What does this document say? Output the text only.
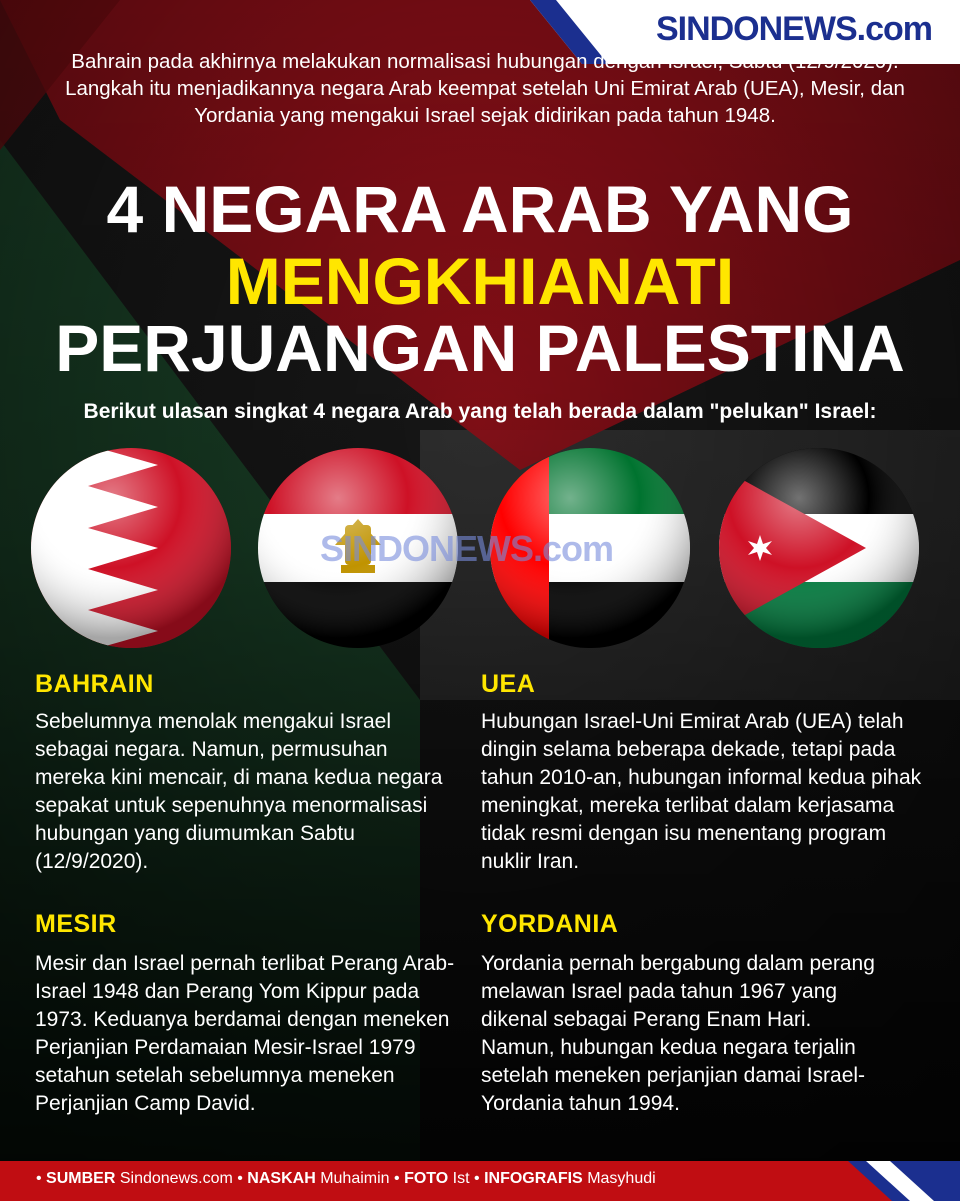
SINDONEWS.com
Bahrain pada akhirnya melakukan normalisasi hubungan dengan Israel, Sabtu (12/9/2020). Langkah itu menjadikannya negara Arab keempat setelah Uni Emirat Arab (UEA), Mesir, dan Yordania yang mengakui Israel sejak didirikan pada tahun 1948.
4 NEGARA ARAB YANG
MENGKHIANATI
PERJUANGAN PALESTINA
Berikut ulasan singkat 4 negara Arab yang telah berada dalam "pelukan" Israel:
SINDONEWS.com
BAHRAIN
Sebelumnya menolak mengakui Israel sebagai negara. Namun, permusuhan mereka kini mencair, di mana kedua negara sepakat untuk sepenuhnya menormalisasi hubungan yang diumumkan Sabtu (12/9/2020).
UEA
Hubungan Israel-Uni Emirat Arab (UEA) telah dingin selama beberapa dekade, tetapi pada tahun 2010-an, hubungan informal kedua pihak meningkat, mereka terlibat dalam kerjasama tidak resmi dengan isu menentang program nuklir Iran.
MESIR
Mesir dan Israel pernah terlibat Perang Arab-Israel 1948 dan Perang Yom Kippur pada 1973. Keduanya berdamai dengan meneken Perjanjian Perdamaian Mesir-Israel 1979 setahun setelah sebelumnya meneken Perjanjian Camp David.
YORDANIA
Yordania pernah bergabung dalam perang melawan Israel pada tahun 1967 yang dikenal sebagai Perang Enam Hari. Namun, hubungan kedua negara terjalin setelah meneken perjanjian damai Israel-Yordania tahun 1994.
• SUMBER Sindonews.com • NASKAH Muhaimin • FOTO Ist • INFOGRAFIS Masyhudi
